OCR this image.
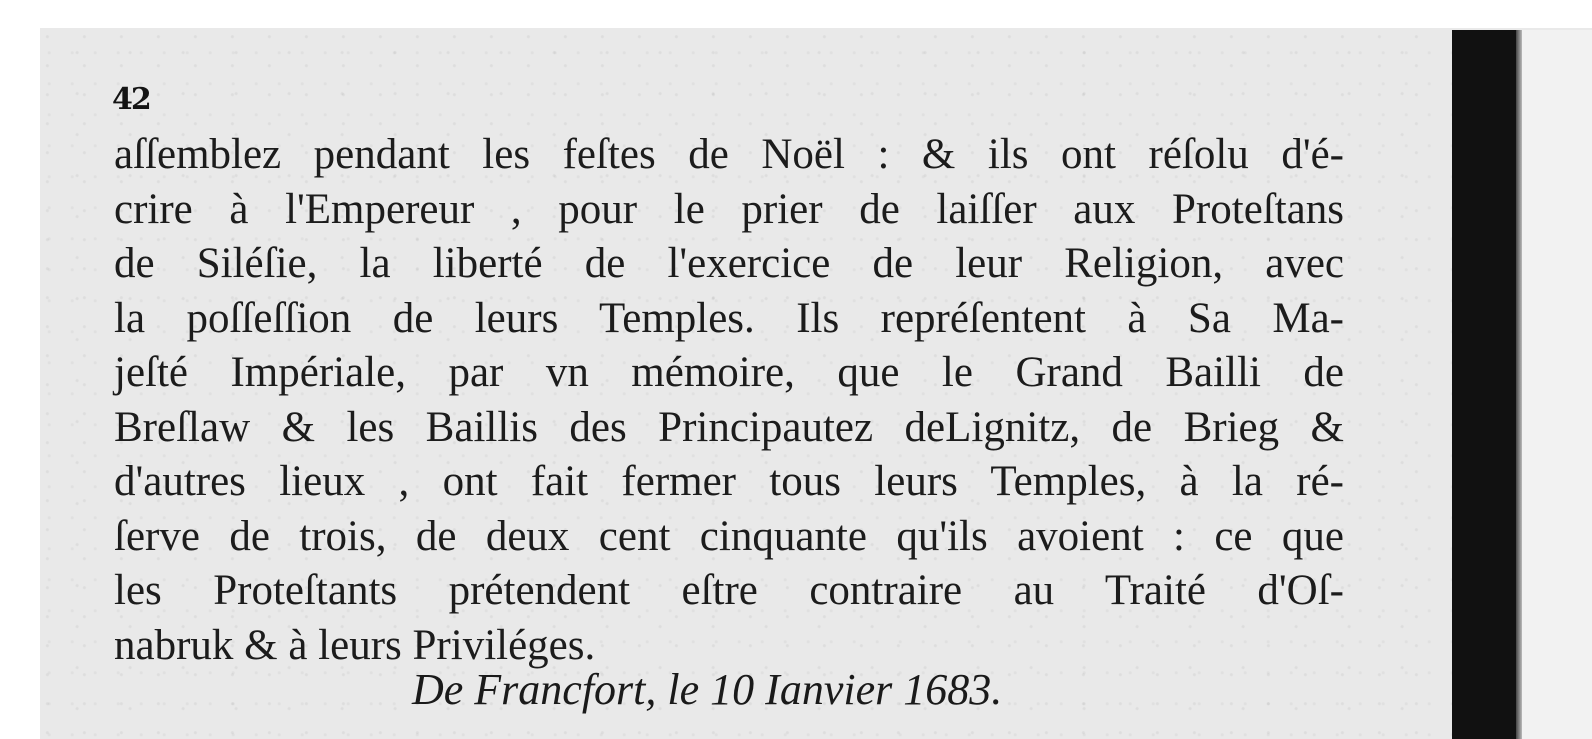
42
aſſemblez pendant les feſtes de Noël : & ils ont réſolu d'é-
crire à l'Empereur , pour le prier de laiſſer aux Proteſtans
de Siléſie, la liberté de l'exercice de leur Religion, avec
la poſſeſſion de leurs Temples. Ils repréſentent à Sa Ma-
jeſté Impériale, par vn mémoire, que le Grand Bailli de
Breſlaw & les Baillis des Principautez deLignitz, de Brieg &
d'autres lieux , ont fait fermer tous leurs Temples, à la ré-
ſerve de trois, de deux cent cinquante qu'ils avoient : ce que
les Proteſtants prétendent eſtre contraire au Traité d'Oſ-
nabruk & à leurs Priviléges.
De Francfort, le 10 Ianvier 1683.
